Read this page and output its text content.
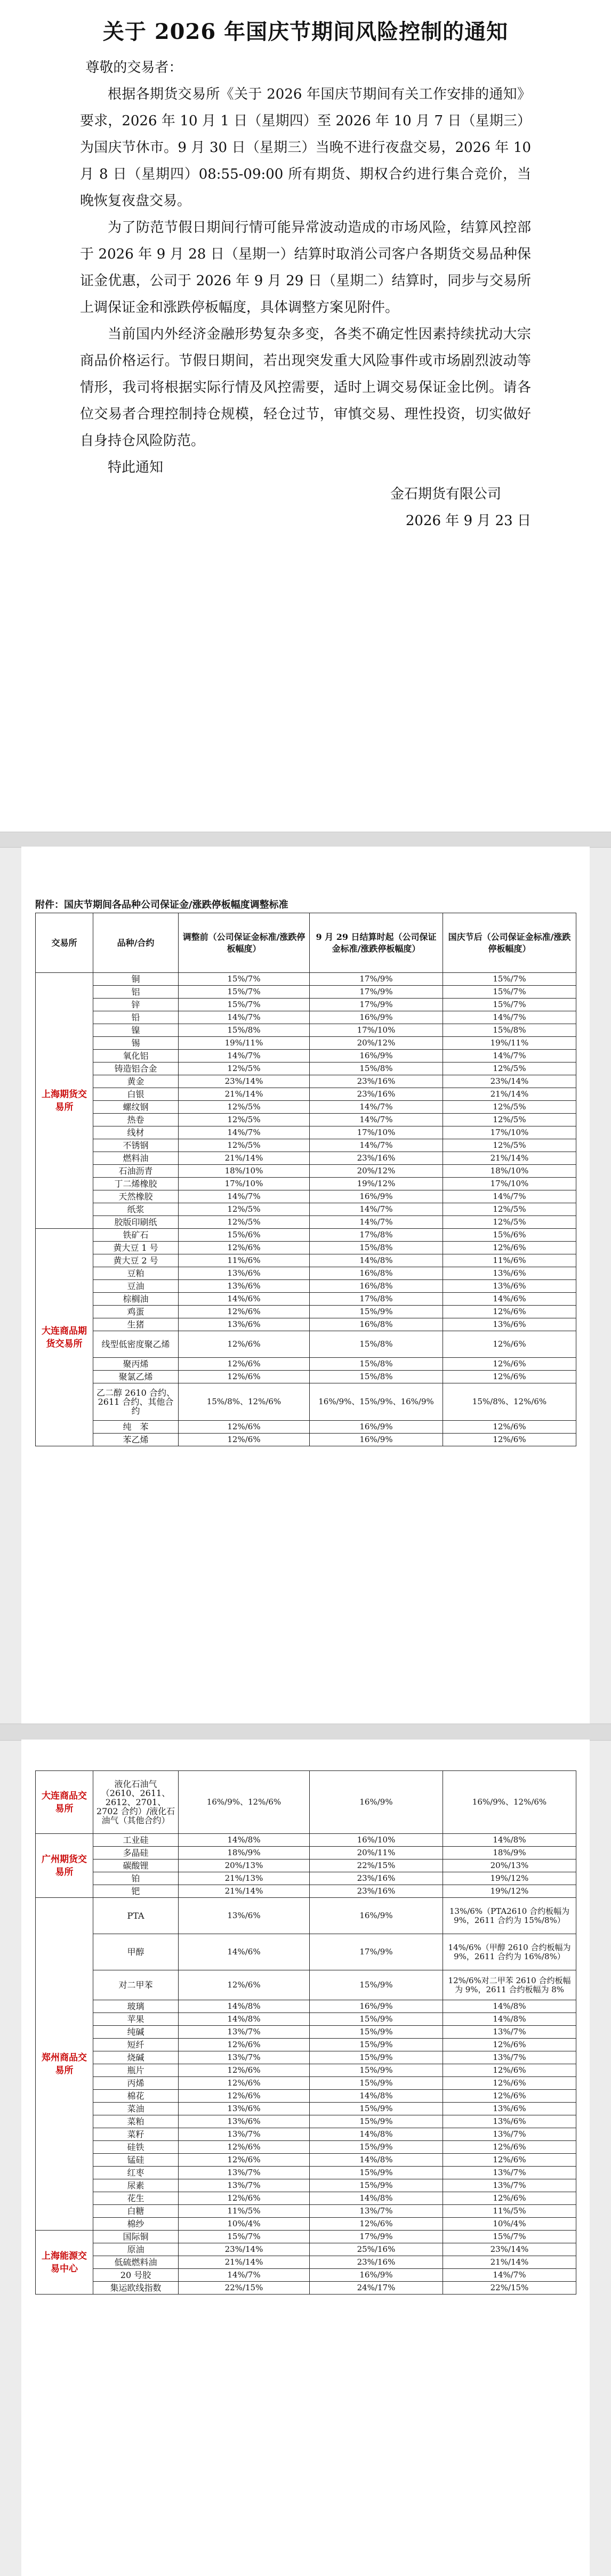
关于 2026 年国庆节期间风险控制的通知

尊敬的交易者：

根据各期货交易所《关于 2026 年国庆节期间有关工作安排的通知》要求，2026 年 10 月 1 日（星期四）至 2026 年 10 月 7 日（星期三）为国庆节休市。9 月 30 日（星期三）当晚不进行夜盘交易，2026 年 10 月 8 日（星期四）08:55-09:00 所有期货、期权合约进行集合竞价，当晚恢复夜盘交易。

为了防范节假日期间行情可能异常波动造成的市场风险，结算风控部于 2026 年 9 月 28 日（星期一）结算时取消公司客户各期货交易品种保证金优惠，公司于 2026 年 9 月 29 日（星期二）结算时，同步与交易所上调保证金和涨跌停板幅度，具体调整方案见附件。

当前国内外经济金融形势复杂多变，各类不确定性因素持续扰动大宗商品价格运行。节假日期间，若出现突发重大风险事件或市场剧烈波动等情形，我司将根据实际行情及风控需要，适时上调交易保证金比例。请各位交易者合理控制持仓规模，轻仓过节，审慎交易、理性投资，切实做好自身持仓风险防范。

特此通知

金石期货有限公司

2026 年 9 月 23 日

附件：国庆节期间各品种公司保证金/涨跌停板幅度调整标准
交易所	品种/合约	调整前（公司保证金标准/涨跌停板幅度）	9 月 29 日结算时起（公司保证金标准/涨跌停板幅度）	国庆节后（公司保证金标准/涨跌停板幅度）
上海期货交易所	铜	15%/7%	17%/9%	15%/7%
	铝	15%/7%	17%/9%	15%/7%
	锌	15%/7%	17%/9%	15%/7%
	铅	14%/7%	16%/9%	14%/7%
	镍	15%/8%	17%/10%	15%/8%
	锡	19%/11%	20%/12%	19%/11%
	氧化铝	14%/7%	16%/9%	14%/7%
	铸造铝合金	12%/5%	15%/8%	12%/5%
	黄金	23%/14%	23%/16%	23%/14%
	白银	21%/14%	23%/16%	21%/14%
	螺纹钢	12%/5%	14%/7%	12%/5%
	热卷	12%/5%	14%/7%	12%/5%
	线材	14%/7%	17%/10%	17%/10%
	不锈钢	12%/5%	14%/7%	12%/5%
	燃料油	21%/14%	23%/16%	21%/14%
	石油沥青	18%/10%	20%/12%	18%/10%
	丁二烯橡胶	17%/10%	19%/12%	17%/10%
	天然橡胶	14%/7%	16%/9%	14%/7%
	纸浆	12%/5%	14%/7%	12%/5%
	胶版印刷纸	12%/5%	14%/7%	12%/5%
大连商品期货交易所	铁矿石	15%/6%	17%/8%	15%/6%
	黄大豆 1 号	12%/6%	15%/8%	12%/6%
	黄大豆 2 号	11%/6%	14%/8%	11%/6%
	豆粕	13%/6%	16%/8%	13%/6%
	豆油	13%/6%	16%/8%	13%/6%
	棕榈油	14%/6%	17%/8%	14%/6%
	鸡蛋	12%/6%	15%/9%	12%/6%
	生猪	13%/6%	16%/8%	13%/6%
	线型低密度聚乙烯	12%/6%	15%/8%	12%/6%
	聚丙烯	12%/6%	15%/8%	12%/6%
	聚氯乙烯	12%/6%	15%/8%	12%/6%
	乙二醇 2610 合约、2611 合约、其他合约	15%/8%、12%/6%	16%/9%、15%/9%、16%/9%	15%/8%、12%/6%
	纯　苯	12%/6%	16%/9%	12%/6%
	苯乙烯	12%/6%	16%/9%	12%/6%
大连商品交易所	液化石油气（2610、2611、2612、2701、2702 合约）/液化石油气（其他合约）	16%/9%、12%/6%	16%/9%	16%/9%、12%/6%
广州期货交易所	工业硅	14%/8%	16%/10%	14%/8%
	多晶硅	18%/9%	20%/11%	18%/9%
	碳酸锂	20%/13%	22%/15%	20%/13%
	铂	21%/13%	23%/16%	19%/12%
	钯	21%/14%	23%/16%	19%/12%
郑州商品交易所	PTA	13%/6%	16%/9%	13%/6%（PTA2610 合约板幅为 9%，2611 合约为 15%/8%）
	甲醇	14%/6%	17%/9%	14%/6%（甲醇 2610 合约板幅为 9%，2611 合约为 16%/8%）
	对二甲苯	12%/6%	15%/9%	12%/6%对二甲苯 2610 合约板幅为 9%，2611 合约板幅为 8%
	玻璃	14%/8%	16%/9%	14%/8%
	苹果	14%/8%	15%/9%	14%/8%
	纯碱	13%/7%	15%/9%	13%/7%
	短纤	12%/6%	15%/9%	12%/6%
	烧碱	13%/7%	15%/9%	13%/7%
	瓶片	12%/6%	15%/9%	12%/6%
	丙烯	12%/6%	15%/9%	12%/6%
	棉花	12%/6%	14%/8%	12%/6%
	菜油	13%/6%	15%/9%	13%/6%
	菜粕	13%/6%	15%/9%	13%/6%
	菜籽	13%/7%	14%/8%	13%/7%
	硅铁	12%/6%	15%/9%	12%/6%
	锰硅	12%/6%	14%/8%	12%/6%
	红枣	13%/7%	15%/9%	13%/7%
	尿素	13%/7%	15%/9%	13%/7%
	花生	12%/6%	14%/8%	12%/6%
	白糖	11%/5%	13%/7%	11%/5%
	棉纱	10%/4%	12%/6%	10%/4%
上海能源交易中心	国际铜	15%/7%	17%/9%	15%/7%
	原油	23%/14%	25%/16%	23%/14%
	低硫燃料油	21%/14%	23%/16%	21%/14%
	20 号胶	14%/7%	16%/9%	14%/7%
	集运欧线指数	22%/15%	24%/17%	22%/15%
